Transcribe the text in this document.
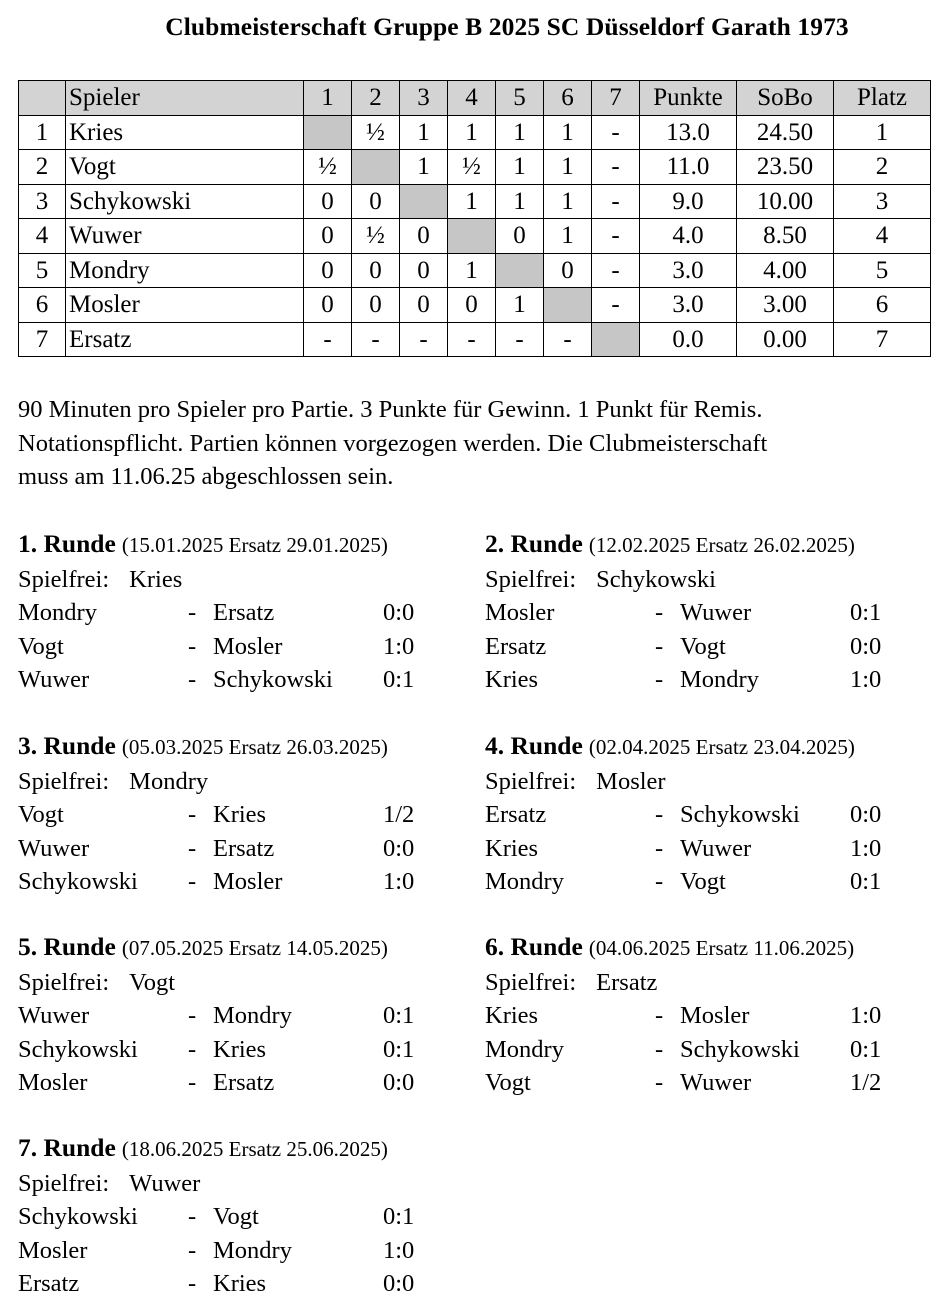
Clubmeisterschaft Gruppe B 2025 SC Düsseldorf Garath 1973
	Spieler	1	2	3	4	5	6	7	Punkte	SoBo	Platz
1	Kries		½	1	1	1	1	-	13.0	24.50	1
2	Vogt	½		1	½	1	1	-	11.0	23.50	2
3	Schykowski	0	0		1	1	1	-	9.0	10.00	3
4	Wuwer	0	½	0		0	1	-	4.0	8.50	4
5	Mondry	0	0	0	1		0	-	3.0	4.00	5
6	Mosler	0	0	0	0	1		-	3.0	3.00	6
7	Ersatz	-	-	-	-	-	-		0.0	0.00	7
90 Minuten pro Spieler pro Partie. 3 Punkte für Gewinn. 1 Punkt für Remis.
Notationspflicht. Partien können vorgezogen werden. Die Clubmeisterschaft
muss am 11.06.25 abgeschlossen sein.
1. Runde (15.01.2025 Ersatz 29.01.2025)
Spielfrei: Kries
Mondry	- Ersatz	0:0
Vogt	- Mosler	1:0
Wuwer	- Schykowski 0:1
2. Runde (12.02.2025 Ersatz 26.02.2025)
Spielfrei: Schykowski
Mosler	- Wuwer	0:1
Ersatz	- Vogt	0:0
Kries	- Mondry	1:0
3. Runde (05.03.2025 Ersatz 26.03.2025)
Spielfrei: Mondry
Vogt	- Kries	1/2
Wuwer	- Ersatz	0:0
Schykowski - Mosler	1:0
4. Runde (02.04.2025 Ersatz 23.04.2025)
Spielfrei: Mosler
Ersatz	- Schykowski 0:0
Kries	- Wuwer	1:0
Mondry	- Vogt	0:1
5. Runde (07.05.2025 Ersatz 14.05.2025)
Spielfrei: Vogt
Wuwer	- Mondry	0:1
Schykowski - Kries	0:1
Mosler	- Ersatz	0:0
6. Runde (04.06.2025 Ersatz 11.06.2025)
Spielfrei: Ersatz
Kries	- Mosler	1:0
Mondry	- Schykowski 0:1
Vogt	- Wuwer	1/2
7. Runde (18.06.2025 Ersatz 25.06.2025)
Spielfrei: Wuwer
Schykowski - Vogt	0:1
Mosler	- Mondry	1:0
Ersatz	- Kries	0:0
